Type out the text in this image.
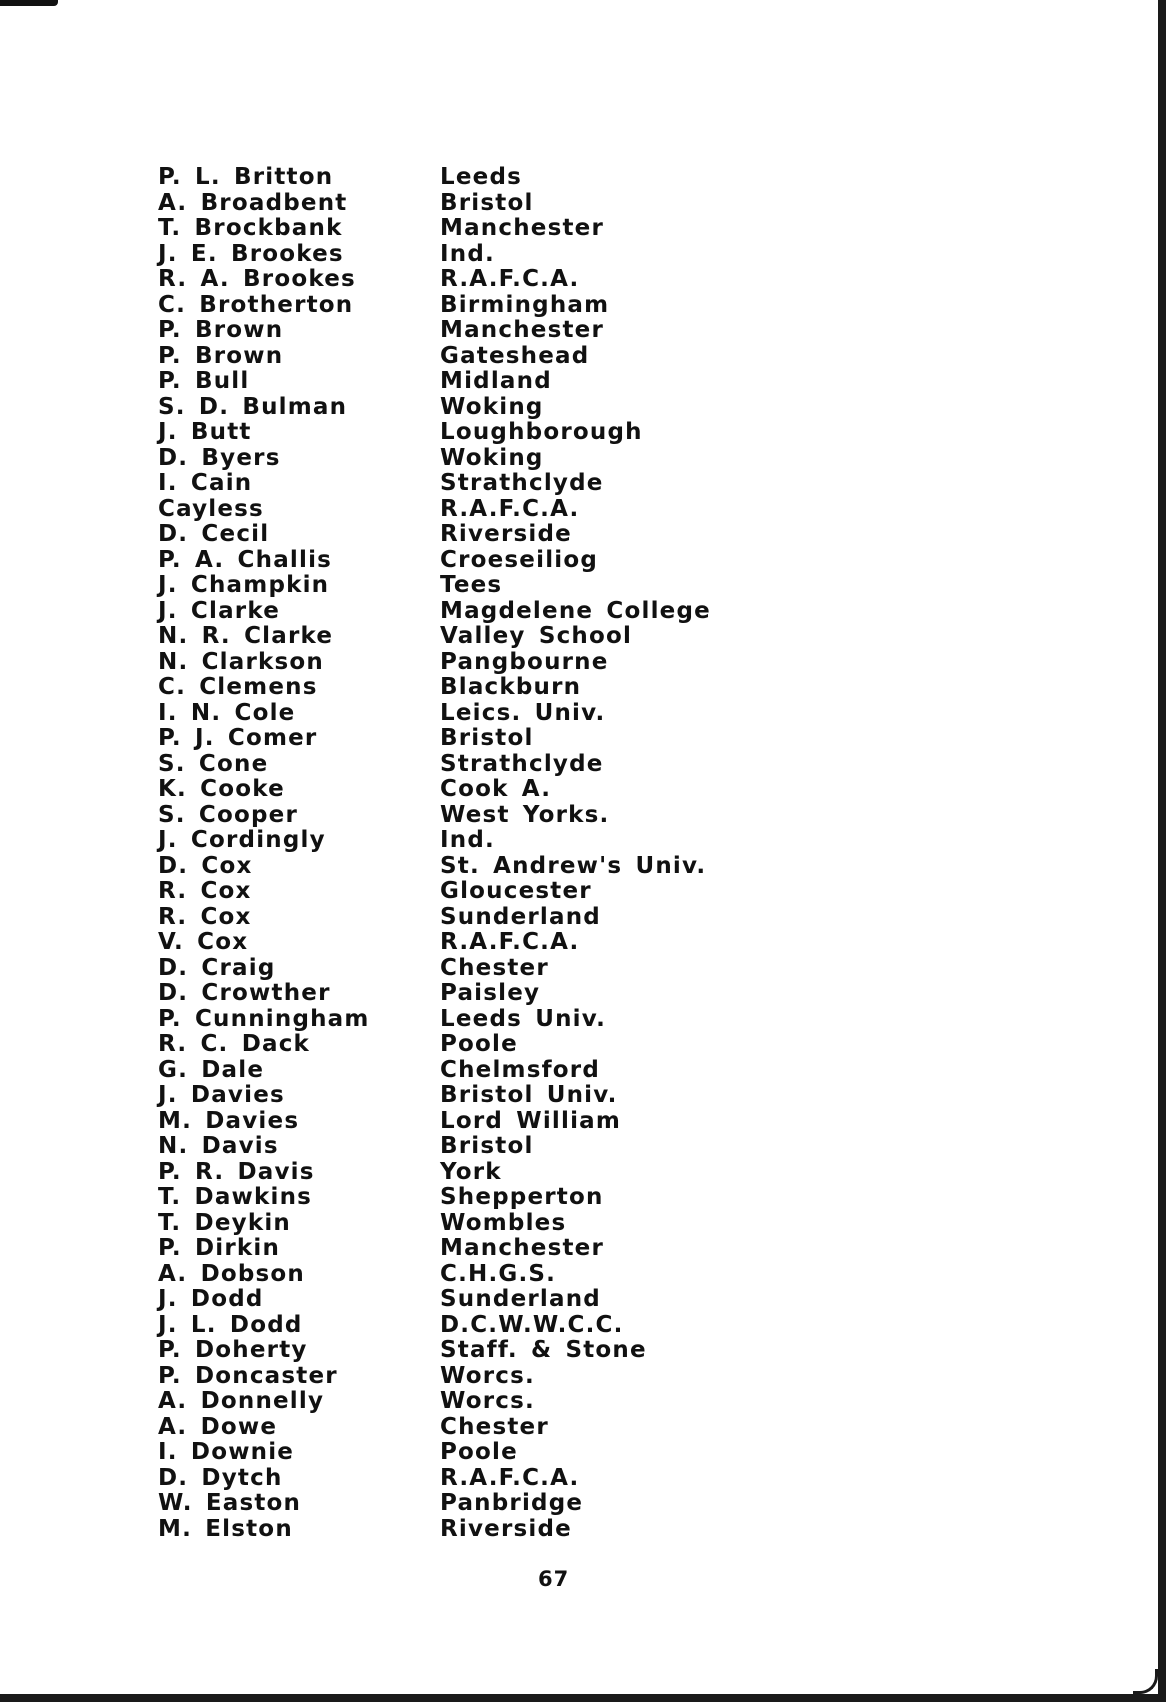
P. L. Britton	Leeds
A. Broadbent	Bristol
T. Brockbank	Manchester
J. E. Brookes	Ind.
R. A. Brookes	R.A.F.C.A.
C. Brotherton	Birmingham
P. Brown	Manchester
P. Brown	Gateshead
P. Bull	Midland
S. D. Bulman	Woking
J. Butt	Loughborough
D. Byers	Woking
I. Cain	Strathclyde
Cayless	R.A.F.C.A.
D. Cecil	Riverside
P. A. Challis	Croeseiliog
J. Champkin	Tees
J. Clarke	Magdelene College
N. R. Clarke	Valley School
N. Clarkson	Pangbourne
C. Clemens	Blackburn
I. N. Cole	Leics. Univ.
P. J. Comer	Bristol
S. Cone	Strathclyde
K. Cooke	Cook A.
S. Cooper	West Yorks.
J. Cordingly	Ind.
D. Cox	St. Andrew's Univ.
R. Cox	Gloucester
R. Cox	Sunderland
V. Cox	R.A.F.C.A.
D. Craig	Chester
D. Crowther	Paisley
P. Cunningham	Leeds Univ.
R. C. Dack	Poole
G. Dale	Chelmsford
J. Davies	Bristol Univ.
M. Davies	Lord William
N. Davis	Bristol
P. R. Davis	York
T. Dawkins	Shepperton
T. Deykin	Wombles
P. Dirkin	Manchester
A. Dobson	C.H.G.S.
J. Dodd	Sunderland
J. L. Dodd	D.C.W.W.C.C.
P. Doherty	Staff. & Stone
P. Doncaster	Worcs.
A. Donnelly	Worcs.
A. Dowe	Chester
I. Downie	Poole
D. Dytch	R.A.F.C.A.
W. Easton	Panbridge
M. Elston	Riverside
67
